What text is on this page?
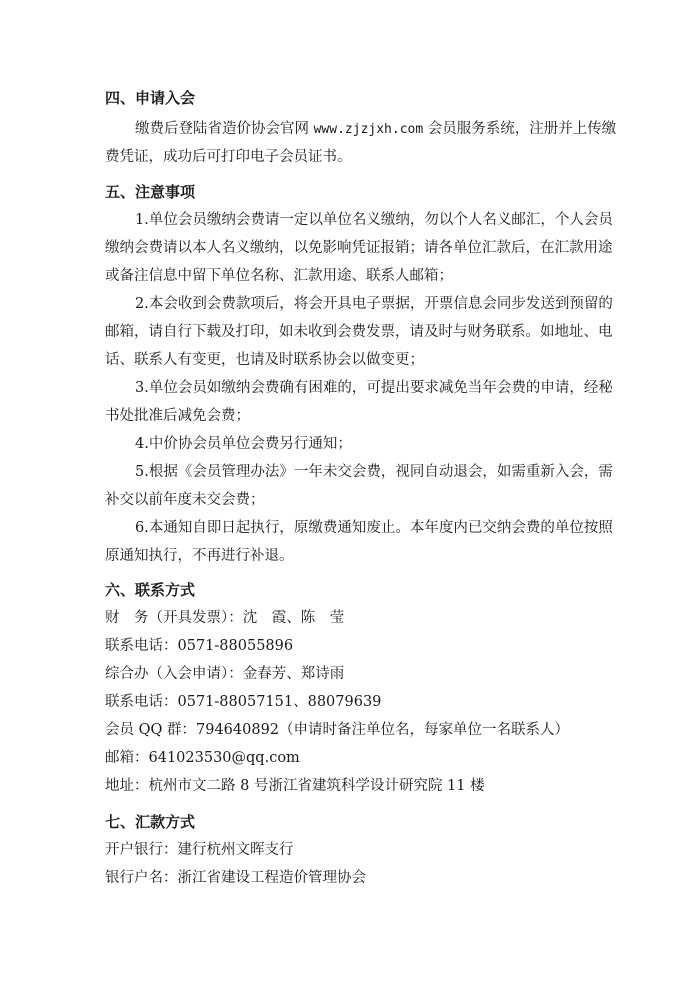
四、申请入会
缴费后登陆省造价协会官网 www.zjzjxh.com 会员服务系统，注册并上传缴
费凭证，成功后可打印电子会员证书。
五、注意事项
1.单位会员缴纳会费请一定以单位名义缴纳，勿以个人名义邮汇，个人会员
缴纳会费请以本人名义缴纳，以免影响凭证报销；请各单位汇款后，在汇款用途
或备注信息中留下单位名称、汇款用途、联系人邮箱；
2.本会收到会费款项后，将会开具电子票据，开票信息会同步发送到预留的
邮箱，请自行下载及打印，如未收到会费发票，请及时与财务联系。如地址、电
话、联系人有变更，也请及时联系协会以做变更；
3.单位会员如缴纳会费确有困难的，可提出要求减免当年会费的申请，经秘
书处批准后减免会费；
4.中价协会员单位会费另行通知；
5.根据《会员管理办法》一年未交会费，视同自动退会，如需重新入会，需
补交以前年度未交会费；
6.本通知自即日起执行，原缴费通知废止。本年度内已交纳会费的单位按照
原通知执行，不再进行补退。
六、联系方式
财　务（开具发票）：沈　霞、陈　莹
联系电话：0571-88055896
综合办（入会申请）：金春芳、郑诗雨
联系电话：0571-88057151、88079639
会员 QQ 群：794640892（申请时备注单位名，每家单位一名联系人）
邮箱：641023530@qq.com
地址：杭州市文二路 8 号浙江省建筑科学设计研究院 11 楼
七、汇款方式
开户银行：建行杭州文晖支行
银行户名：浙江省建设工程造价管理协会
